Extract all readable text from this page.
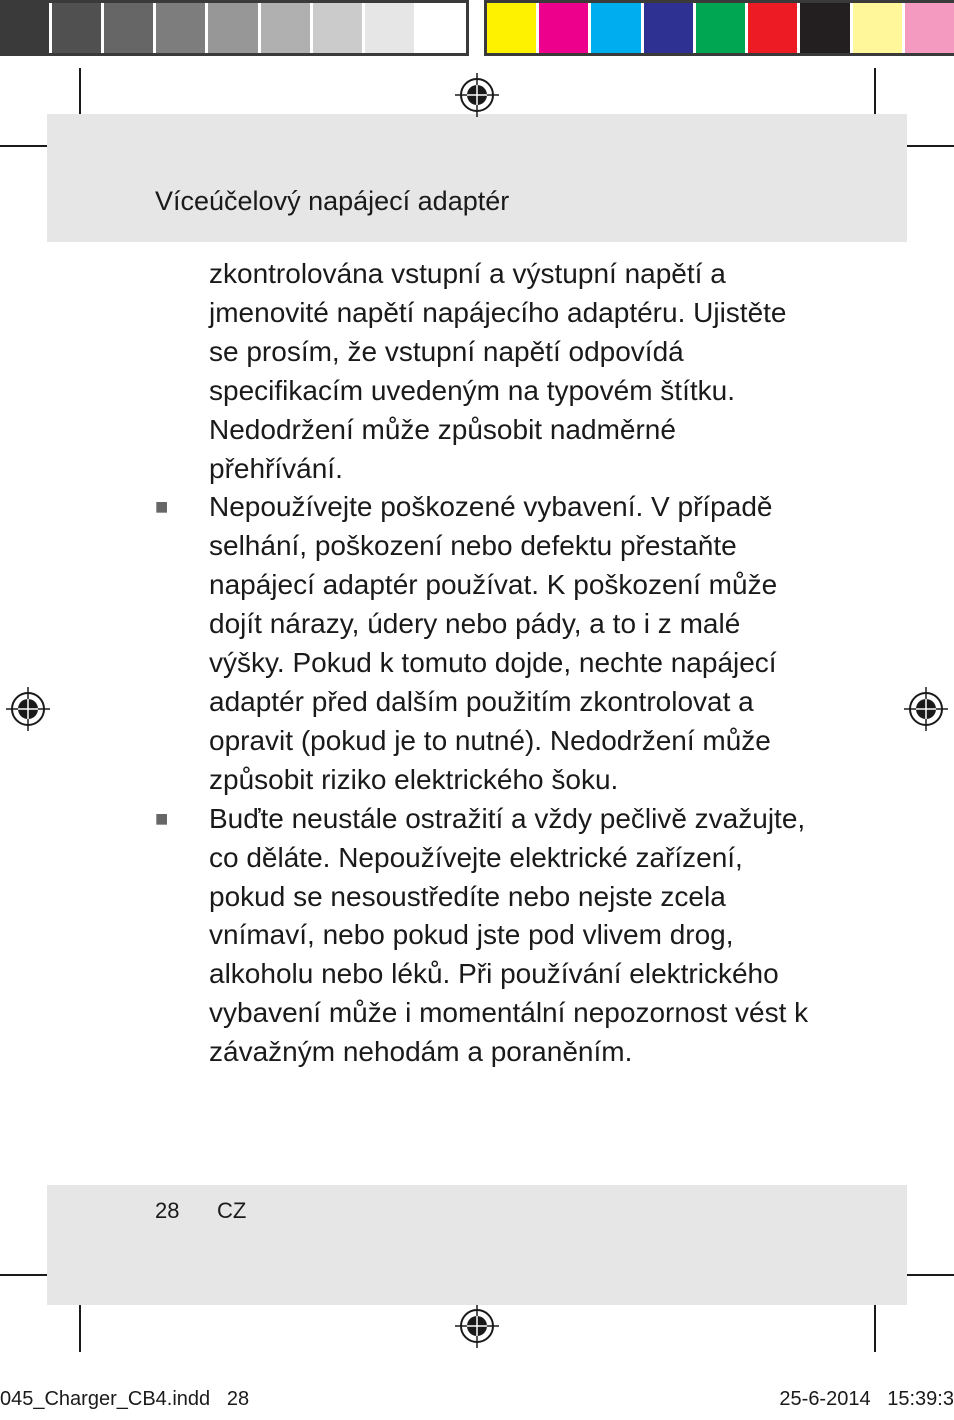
Víceúčelový napájecí adaptér

zkontrolována vstupní a výstupní napětí a jmenovité napětí napájecího adaptéru. Ujistěte se prosím, že vstupní napětí odpovídá specifikacím uvedeným na typovém štítku. Nedodržení může způsobit nadměrné přehřívání.

■ Nepoužívejte poškozené vybavení. V případě selhání, poškození nebo defektu přestaňte napájecí adaptér používat. K poškození může dojít nárazy, údery nebo pády, a to i z malé výšky. Pokud k tomuto dojde, nechte napájecí adaptér před dalším použitím zkontrolovat a opravit (pokud je to nutné). Nedodržení může způsobit riziko elektrického šoku.

■ Buďte neustále ostražití a vždy pečlivě zvažujte, co děláte. Nepoužívejte elektrické zařízení, pokud se nesoustředíte nebo nejste zcela vnímaví, nebo pokud jste pod vlivem drog, alkoholu nebo léků. Při používání elektrického vybavení může i momentální nepozornost vést k závažným nehodám a poraněním.

28 CZ
045_Charger_CB4.indd   28	25-6-2014   15:39:3
